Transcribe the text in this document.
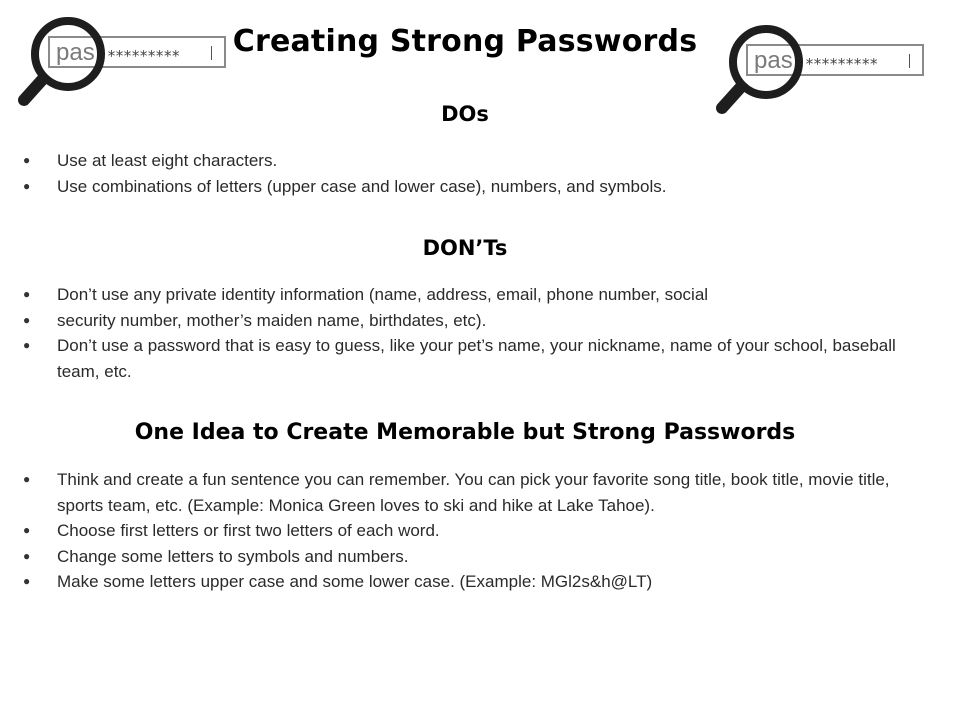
pas *********	pas *********
Creating Strong Passwords
DOs
● Use at least eight characters.
● Use combinations of letters (upper case and lower case), numbers, and symbols.
DON’Ts
● Don’t use any private identity information (name, address, email, phone number, social
● security number, mother’s maiden name, birthdates, etc).
● Don’t use a password that is easy to guess, like your pet’s name, your nickname, name of your school, baseball team, etc.
One Idea to Create Memorable but Strong Passwords
● Think and create a fun sentence you can remember. You can pick your favorite song title, book title, movie title, sports team, etc. (Example: Monica Green loves to ski and hike at Lake Tahoe).
● Choose first letters or first two letters of each word.
● Change some letters to symbols and numbers.
● Make some letters upper case and some lower case. (Example: MGl2s&h@LT)
